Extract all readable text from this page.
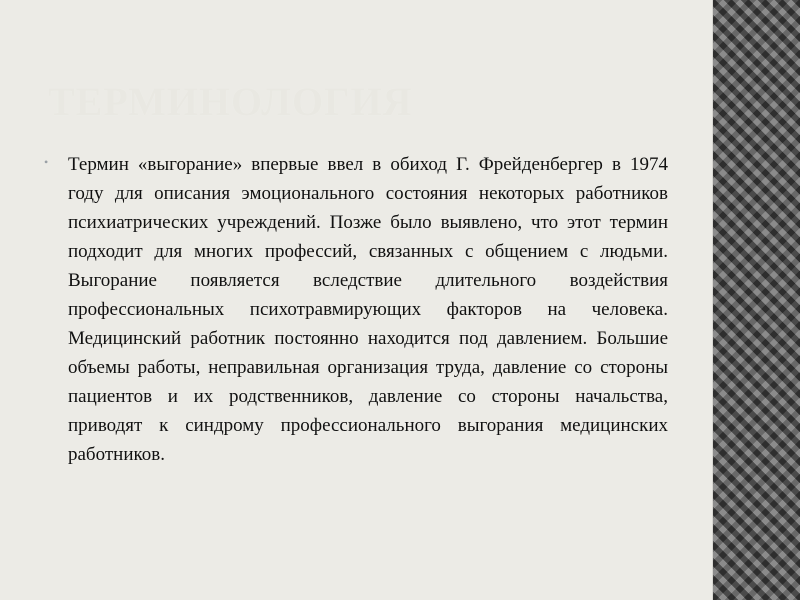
ТЕРМИНОЛОГИЯ
•	Термин «выгорание» впервые ввел в обиход Г. Фрейденбергер в 1974 году для описания эмоционального состояния некоторых работников психиатрических учреждений. Позже было выявлено, что этот термин подходит для многих профессий, связанных с общением с людьми. Выгорание появляется вследствие длительного воздействия профессиональных психотравмирующих факторов на человека. Медицинский работник постоянно находится под давлением. Большие объемы работы, неправильная организация труда, давление со стороны пациентов и их родственников, давление со стороны начальства, приводят к синдрому профессионального выгорания медицинских работников.
